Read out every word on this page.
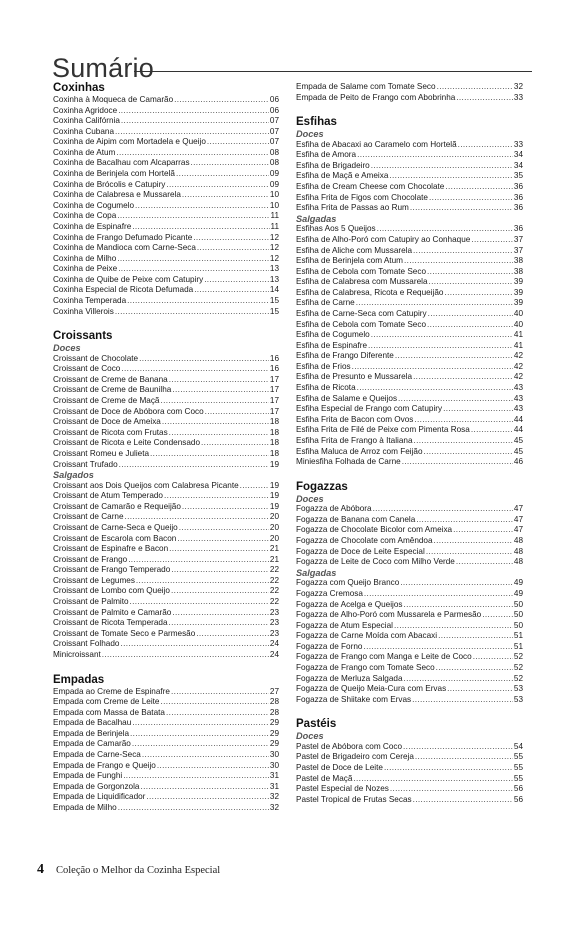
Sumário
Coxinhas
Coxinha à Moqueca de Camarão .....	06
Coxinha Agridoce .....	06
Coxinha Califórnia .....	07
Coxinha Cubana .....	07
Coxinha de Aipim com Mortadela e Queijo .....	07
Coxinha de Atum .....	08
Coxinha de Bacalhau com Alcaparras .....	08
Coxinha de Berinjela com Hortelã .....	09
Coxinha de Brócolis e Catupiry .....	09
Coxinha de Calabresa e Mussarela .....	10
Coxinha de Cogumelo .....	10
Coxinha de Copa .....	11
Coxinha de Espinafre .....	11
Coxinha de Frango Defumado Picante .....	12
Coxinha de Mandioca com Carne-Seca .....	12
Coxinha de Milho .....	12
Coxinha de Peixe .....	13
Coxinha de Quibe de Peixe com Catupiry .....	13
Coxinha Especial de Ricota Defumada .....	14
Coxinha Temperada .....	15
Coxinha Villerois .....	15
Croissants
Doces
Croissant de Chocolate .....	16
Croissant de Coco .....	16
Croissant de Creme de Banana .....	17
Croissant de Creme de Baunilha .....	17
Croissant de Creme de Maçã .....	17
Croissant de Doce de Abóbora com Coco .....	17
Croissant de Doce de Ameixa .....	18
Croissant de Ricota com Frutas .....	18
Croissant de Ricota e Leite Condensado .....	18
Croissant Romeu e Julieta .....	18
Croissant Trufado .....	19
Salgados
Croissant aos Dois Queijos com Calabresa Picante .....	19
Croissant de Atum Temperado .....	19
Croissant de Camarão e Requeijão .....	19
Croissant de Carne .....	20
Croissant de Carne-Seca e Queijo .....	20
Croissant de Escarola com Bacon .....	20
Croissant de Espinafre e Bacon .....	21
Croissant de Frango .....	21
Croissant de Frango Temperado .....	22
Croissant de Legumes .....	22
Croissant de Lombo com Queijo .....	22
Croissant de Palmito .....	22
Croissant de Palmito e Camarão .....	23
Croissant de Ricota Temperada .....	23
Croissant de Tomate Seco e Parmesão .....	23
Croissant Folhado .....	24
Minicroissant .....	24
Empadas
Empada ao Creme de Espinafre .....	27
Empada com Creme de Leite .....	28
Empada com Massa de Batata .....	28
Empada de Bacalhau .....	29
Empada de Berinjela .....	29
Empada de Camarão .....	29
Empada de Carne-Seca .....	30
Empada de Frango e Queijo .....	30
Empada de Funghi .....	31
Empada de Gorgonzola .....	31
Empada de Liquidificador .....	32
Empada de Milho .....	32
Empada de Salame com Tomate Seco .....	32
Empada de Peito de Frango com Abobrinha .....	33
Esfihas
Doces
Esfiha de Abacaxi ao Caramelo com Hortelã .....	33
Esfiha de Amora .....	34
Esfiha de Brigadeiro .....	34
Esfiha de Maçã e Ameixa .....	35
Esfiha de Cream Cheese com Chocolate .....	36
Esfiha Frita de Figos com Chocolate .....	36
Esfiha Frita de Passas ao Rum .....	36
Salgadas
Esfihas Aos 5 Queijos .....	36
Esfiha de Alho-Poró com Catupiry ao Conhaque .....	37
Esfiha de Aliche com Mussarela .....	37
Esfiha de Berinjela com Atum .....	38
Esfiha de Cebola com Tomate Seco .....	38
Esfiha de Calabresa com Mussarela .....	39
Esfiha de Calabresa, Ricota e Requeijão .....	39
Esfiha de Carne .....	39
Esfiha de Carne-Seca com Catupiry .....	40
Esfiha de Cebola com Tomate Seco .....	40
Esfiha de Cogumelo .....	41
Esfiha de Espinafre .....	41
Esfiha de Frango Diferente .....	42
Esfiha de Frios .....	42
Esfiha de Presunto e Mussarela .....	42
Esfiha de Ricota .....	43
Esfiha de Salame e Queijos .....	43
Esfiha Especial de Frango com Catupiry .....	43
Esfiha Frita de Bacon com Ovos .....	44
Esfiha Frita de Filé de Peixe com Pimenta Rosa .....	44
Esfiha Frita de Frango à Italiana .....	45
Esfiha Maluca de Arroz com Feijão .....	45
Miniesfiha Folhada de Carne .....	46
Fogazzas
Doces
Fogazza de Abóbora .....	47
Fogazza de Banana com Canela .....	47
Fogazza de Chocolate Bicolor com Ameixa .....	47
Fogazza de Chocolate com Amêndoa .....	48
Fogazza de Doce de Leite Especial .....	48
Fogazza de Leite de Coco com Milho Verde .....	48
Salgadas
Fogazza com Queijo Branco .....	49
Fogazza Cremosa .....	49
Fogazza de Acelga e Queijos .....	50
Fogazza de Alho-Poró com Mussarela e Parmesão .....	50
Fogazza de Atum Especial .....	50
Fogazza de Carne Moída com Abacaxi .....	51
Fogazza de Forno .....	51
Fogazza de Frango com Manga e Leite de Coco .....	52
Fogazza de Frango com Tomate Seco .....	52
Fogazza de Merluza Salgada .....	52
Fogazza de Queijo Meia-Cura com Ervas .....	53
Fogazza de Shiitake com Ervas .....	53
Pastéis
Doces
Pastel de Abóbora com Coco .....	54
Pastel de Brigadeiro com Cereja .....	55
Pastel de Doce de Leite .....	55
Pastel de Maçã .....	55
Pastel Especial de Nozes .....	56
Pastel Tropical de Frutas Secas .....	56
4 Coleção o Melhor da Cozinha Especial
